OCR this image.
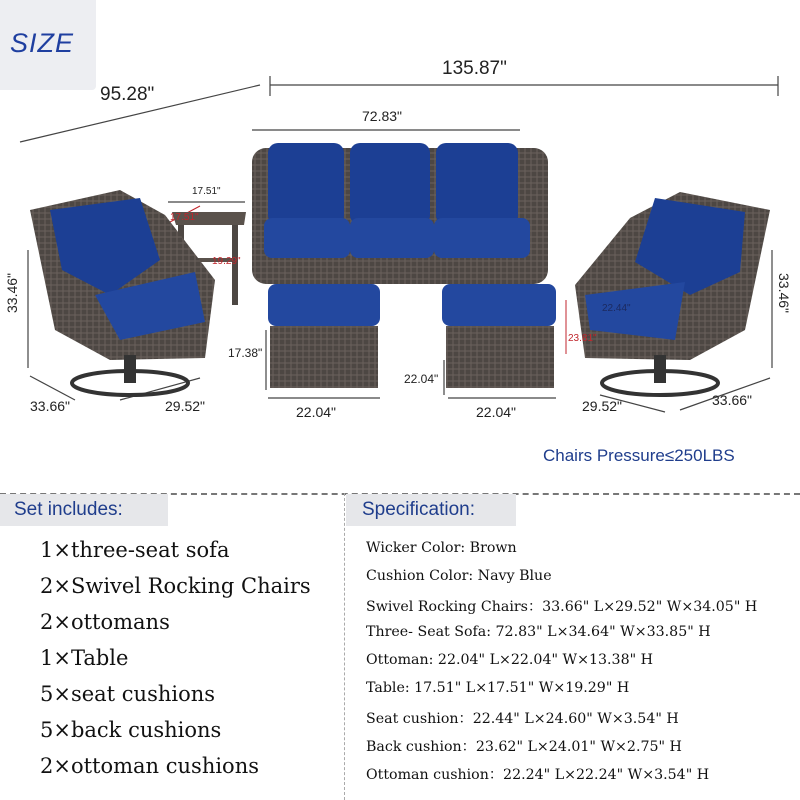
SIZE
95.28"
135.87"
72.83"
17.51"
17.51"
19.29"
33.46"	33.46"
33.66"	29.52"
17.38"
22.04"
22.04"
22.04"	29.52"	33.66"
22.44"
23.81"
Chairs Pressure≤250LBS
Set includes:
1×three-seat sofa
2×Swivel Rocking Chairs
2×ottomans
1×Table
5×seat cushions
5×back cushions
2×ottoman cushions
Specification:
Wicker Color: Brown
Cushion Color: Navy Blue
Swivel Rocking Chairs：33.66" L×29.52" W×34.05" H
Three- Seat Sofa: 72.83" L×34.64" W×33.85" H
Ottoman: 22.04" L×22.04" W×13.38" H
Table: 17.51" L×17.51" W×19.29" H
Seat cushion：22.44" L×24.60" W×3.54" H
Back cushion：23.62" L×24.01" W×2.75" H
Ottoman cushion：22.24" L×22.24" W×3.54" H
